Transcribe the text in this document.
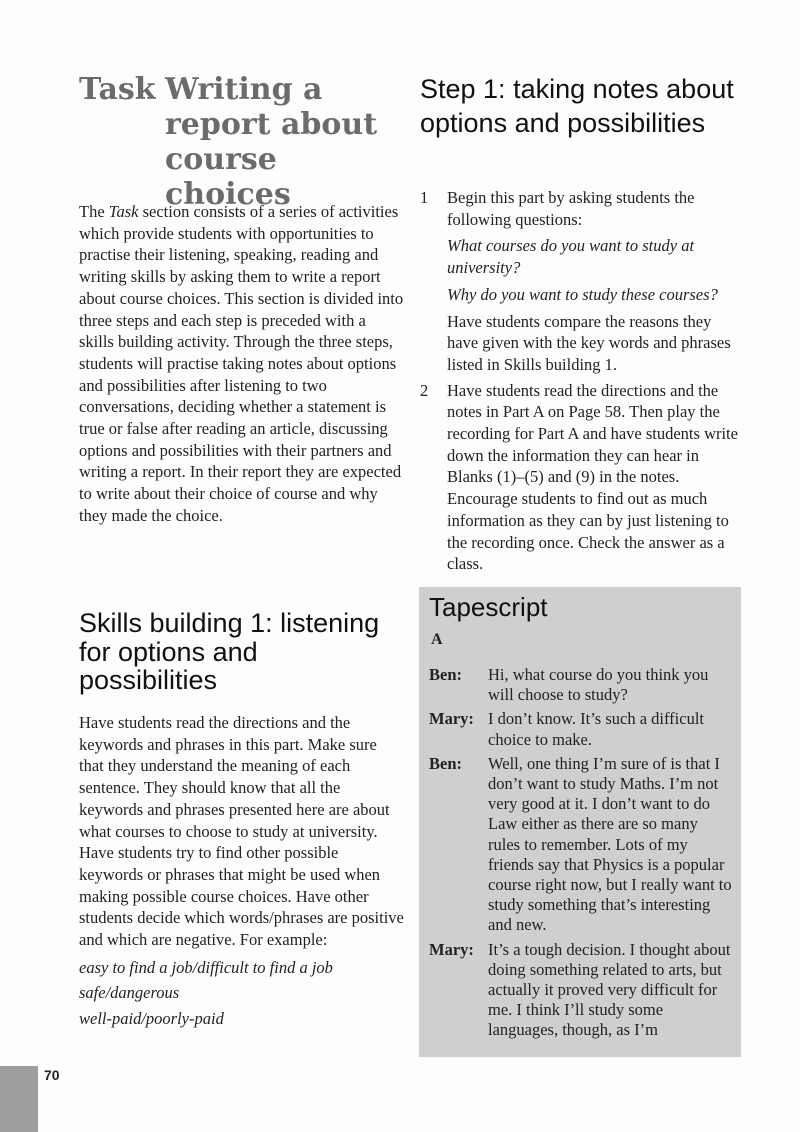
Task Writing a report about course choices
The Task section consists of a series of activities which provide students with opportunities to practise their listening, speaking, reading and writing skills by asking them to write a report about course choices. This section is divided into three steps and each step is preceded with a skills building activity. Through the three steps, students will practise taking notes about options and possibilities after listening to two conversations, deciding whether a statement is true or false after reading an article, discussing options and possibilities with their partners and writing a report. In their report they are expected to write about their choice of course and why they made the choice.
Skills building 1: listening for options and possibilities
Have students read the directions and the keywords and phrases in this part. Make sure that they understand the meaning of each sentence. They should know that all the keywords and phrases presented here are about what courses to choose to study at university. Have students try to find other possible keywords or phrases that might be used when making possible course choices. Have other students decide which words/phrases are positive and which are negative. For example:
easy to find a job/difficult to find a job
safe/dangerous
well-paid/poorly-paid
70
Step 1: taking notes about options and possibilities
1 Begin this part by asking students the following questions:
What courses do you want to study at university?
Why do you want to study these courses?
Have students compare the reasons they have given with the key words and phrases listed in Skills building 1.
2 Have students read the directions and the notes in Part A on Page 58. Then play the recording for Part A and have students write down the information they can hear in Blanks (1)–(5) and (9) in the notes. Encourage students to find out as much information as they can by just listening to the recording once. Check the answer as a class.
Tapescript
A
Ben:	Hi, what course do you think you will choose to study?
Mary: I don’t know. It’s such a difficult choice to make.
Ben:	Well, one thing I’m sure of is that I don’t want to study Maths. I’m not very good at it. I don’t want to do Law either as there are so many rules to remember. Lots of my friends say that Physics is a popular course right now, but I really want to study something that’s interesting and new.
Mary: It’s a tough decision. I thought about doing something related to arts, but actually it proved very difficult for me. I think I’ll study some languages, though, as I’m
